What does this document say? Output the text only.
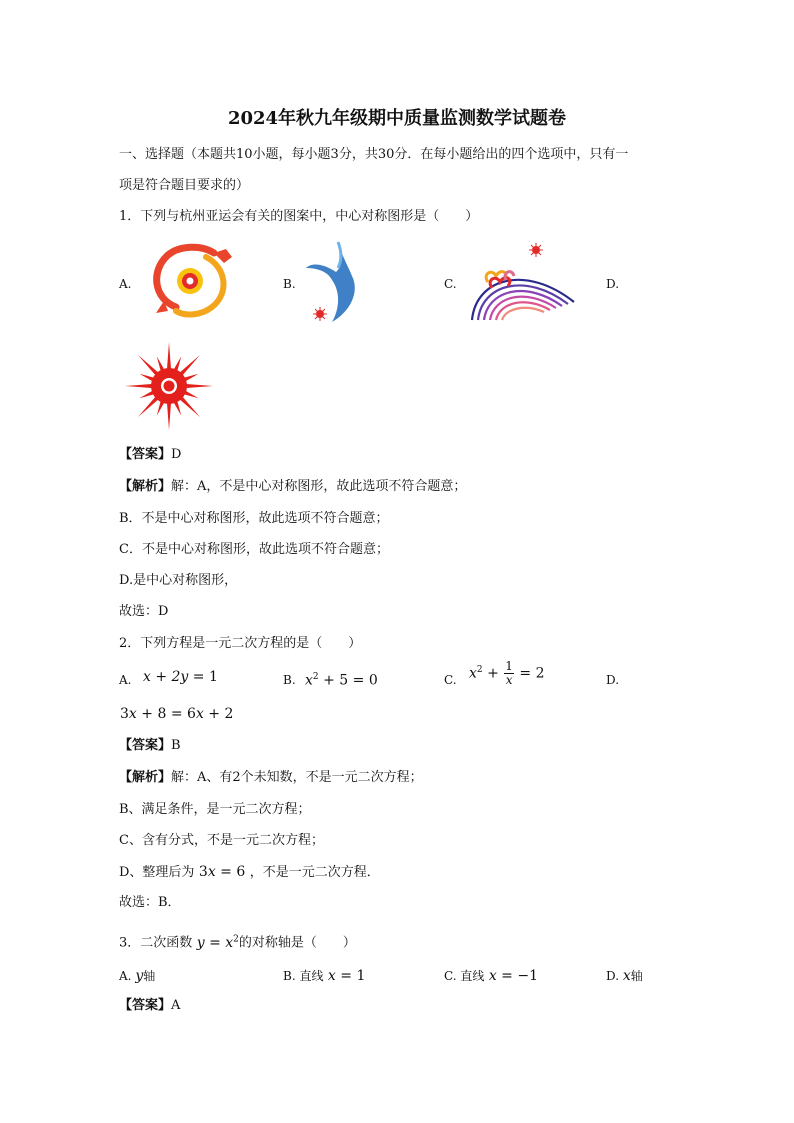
2024年秋九年级期中质量监测数学试题卷
一、选择题（本题共10小题，每小题3分，共30分．在每小题给出的四个选项中，只有一
项是符合题目要求的）
1．下列与杭州亚运会有关的图案中，中心对称图形是（　　）
A.	B.	C.	D.
【答案】D
【解析】解：A，不是中心对称图形，故此选项不符合题意；
B．不是中心对称图形，故此选项不符合题意；
C．不是中心对称图形，故此选项不符合题意；
D.是中心对称图形，
故选：D
2．下列方程是一元二次方程的是（　　）
A. x + 2y = 1	B. $x^2 + 5 = 0$	C. $x^2 + \frac{1}{x} = 2$	D.
3x + 8 = 6x + 2
【答案】B
【解析】解：A、有2个未知数，不是一元二次方程；
B、满足条件，是一元二次方程；
C、含有分式，不是一元二次方程；
D、整理后为 3x = 6 ，不是一元二次方程．
故选：B．
3．二次函数 $y = x^2$的对称轴是（　　）
A. y轴	B. 直线 x = 1	C. 直线 x = −1	D. x轴
【答案】A
